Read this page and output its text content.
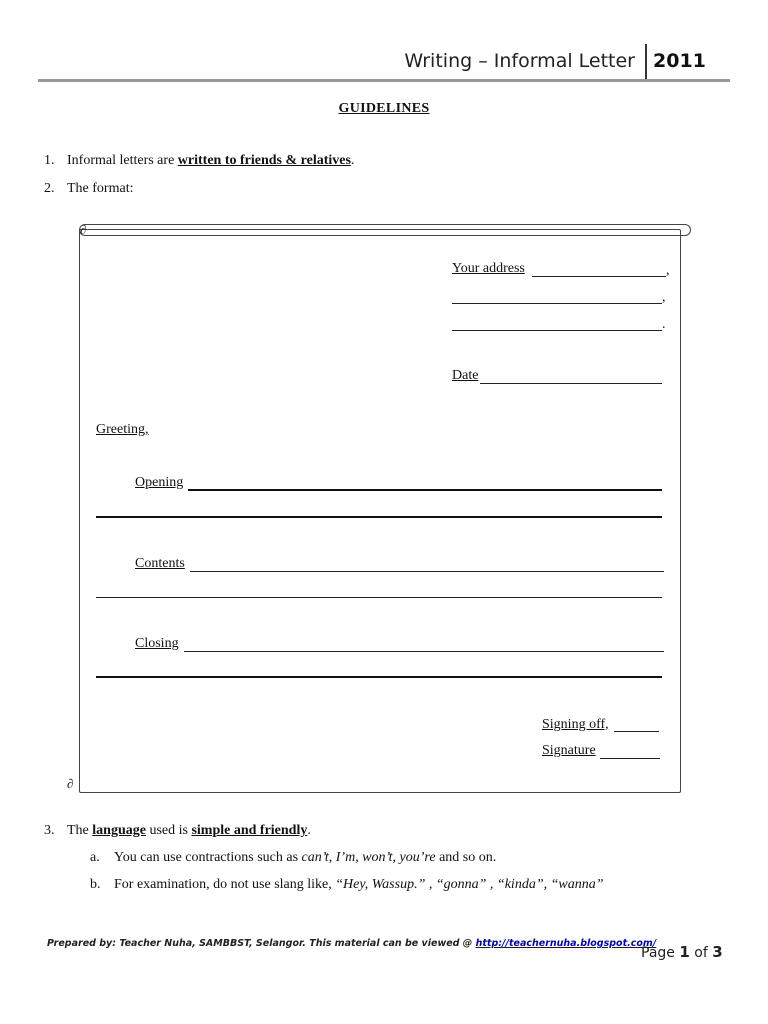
Writing – Informal Letter 2011
GUIDELINES
1. Informal letters are written to friends & relatives.
2. The format:
∂
∂
Your address	,
,
.
Date
Greeting,
Opening
Contents
Closing
Signing off,
Signature
3. The language used is simple and friendly.
a. You can use contractions such as can’t, I’m, won’t, you’re and so on.
b. For examination, do not use slang like, “Hey, Wassup.” , “gonna” , “kinda”, “wanna”
Prepared by: Teacher Nuha, SAMBBST, Selangor. This material can be viewed @ http://teachernuha.blogspot.com/
Page 1 of 3
